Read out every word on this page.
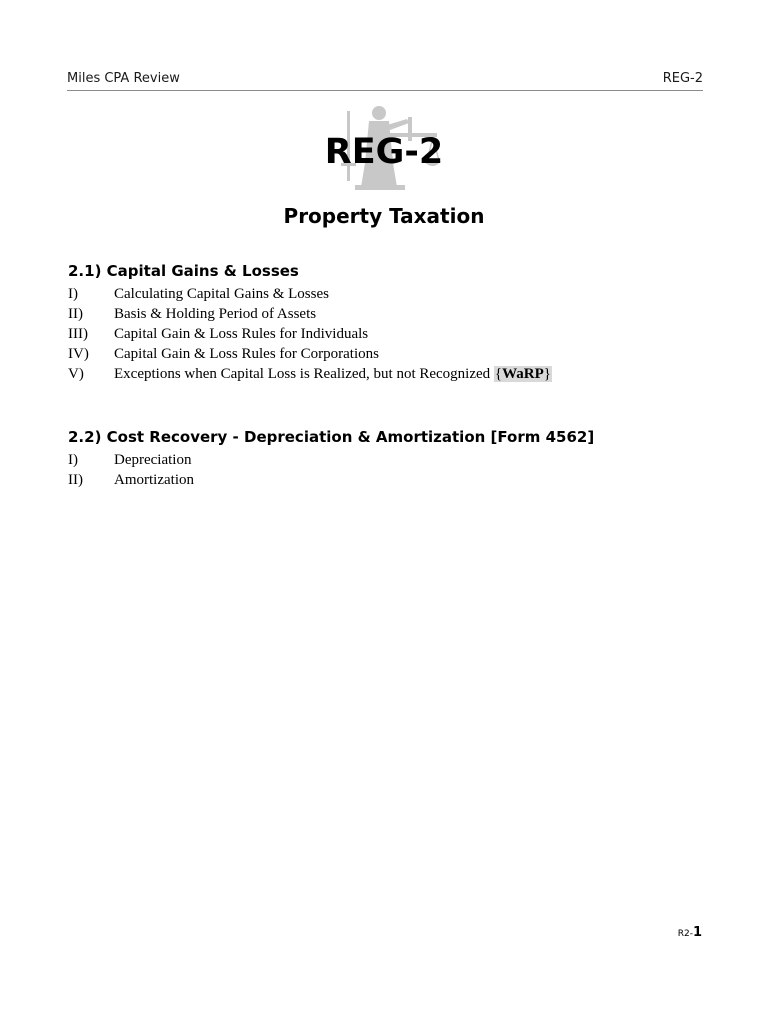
Miles CPA Review	REG-2
REG-2
Property Taxation
2.1) Capital Gains & Losses
I) Calculating Capital Gains & Losses
II) Basis & Holding Period of Assets
III) Capital Gain & Loss Rules for Individuals
IV) Capital Gain & Loss Rules for Corporations
V) Exceptions when Capital Loss is Realized, but not Recognized {WaRP}
2.2) Cost Recovery - Depreciation & Amortization [Form 4562]
I) Depreciation
II) Amortization
R2-1
